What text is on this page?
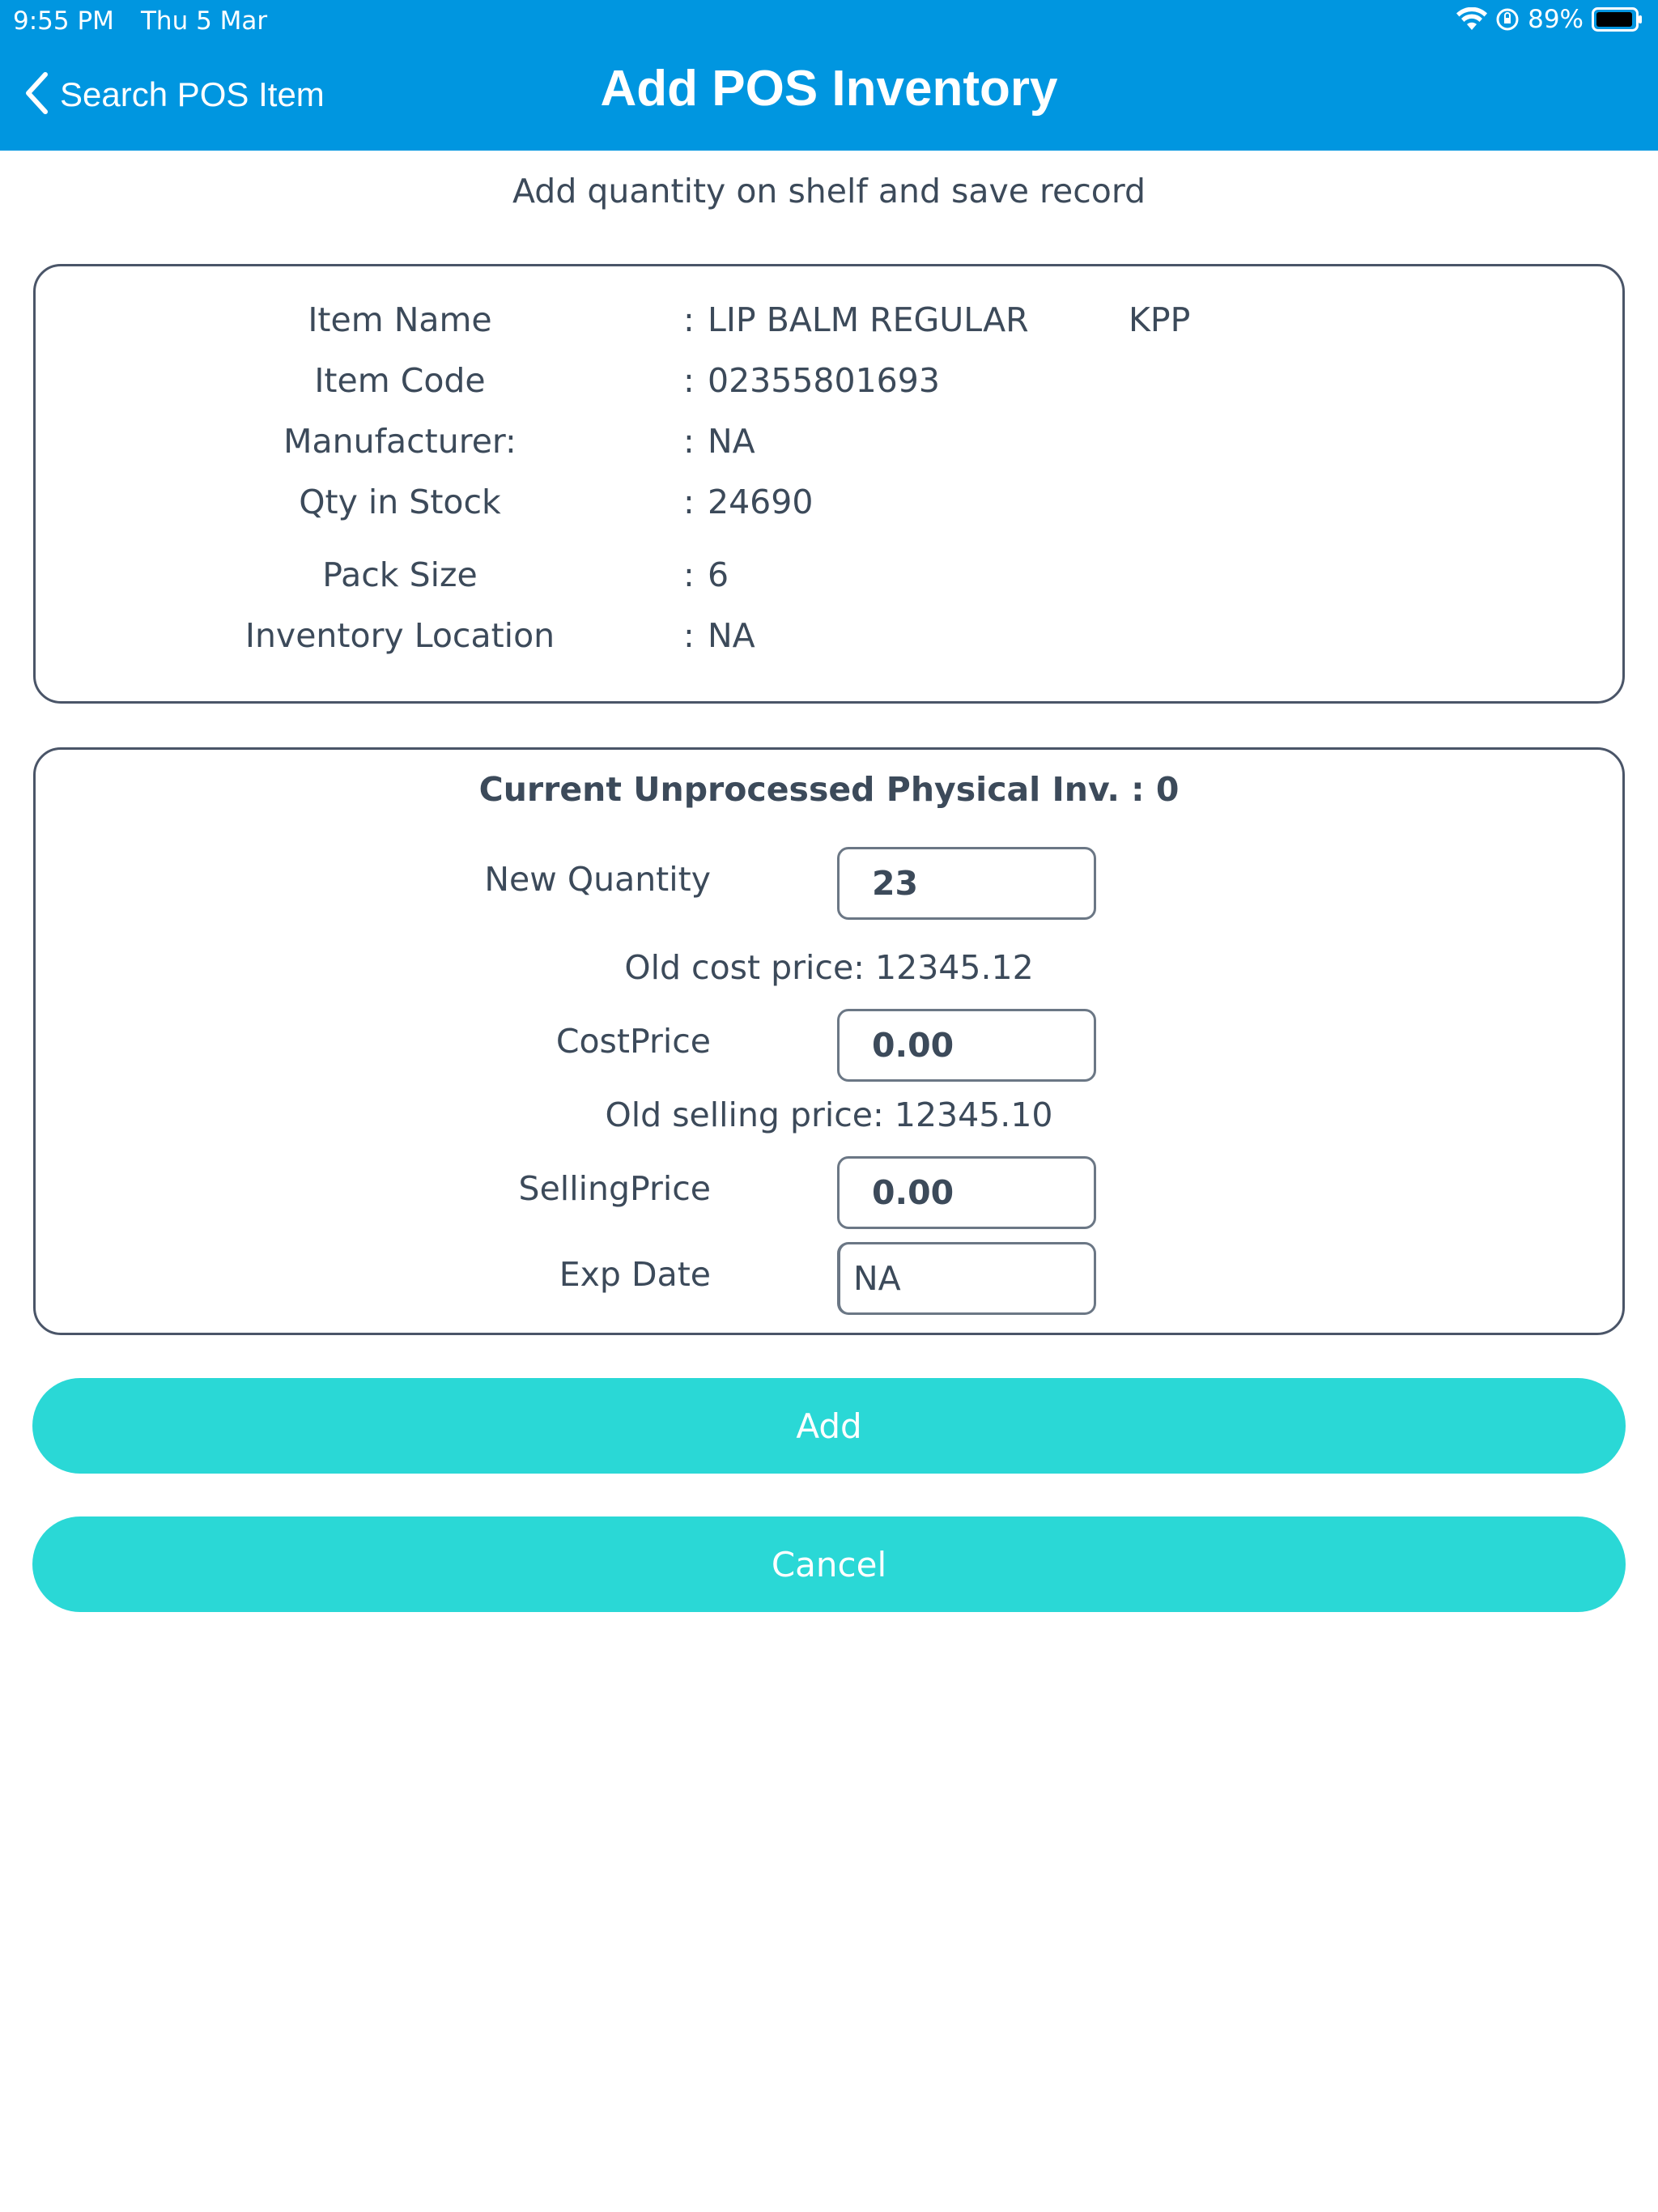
9:55 PM Thu 5 Mar	89%
Search POS Item	Add POS Inventory
Add quantity on shelf and save record
Item Name	: LIP BALM REGULAR	KPP
Item Code	: 02355801693
Manufacturer:	: NA
Qty in Stock	: 24690
Pack Size	: 6
Inventory Location	: NA
Current Unprocessed Physical Inv. : 0
New Quantity	23
Old cost price: 12345.12
CostPrice	0.00
Old selling price: 12345.10
SellingPrice	0.00
Exp Date	NA
Add
Cancel
